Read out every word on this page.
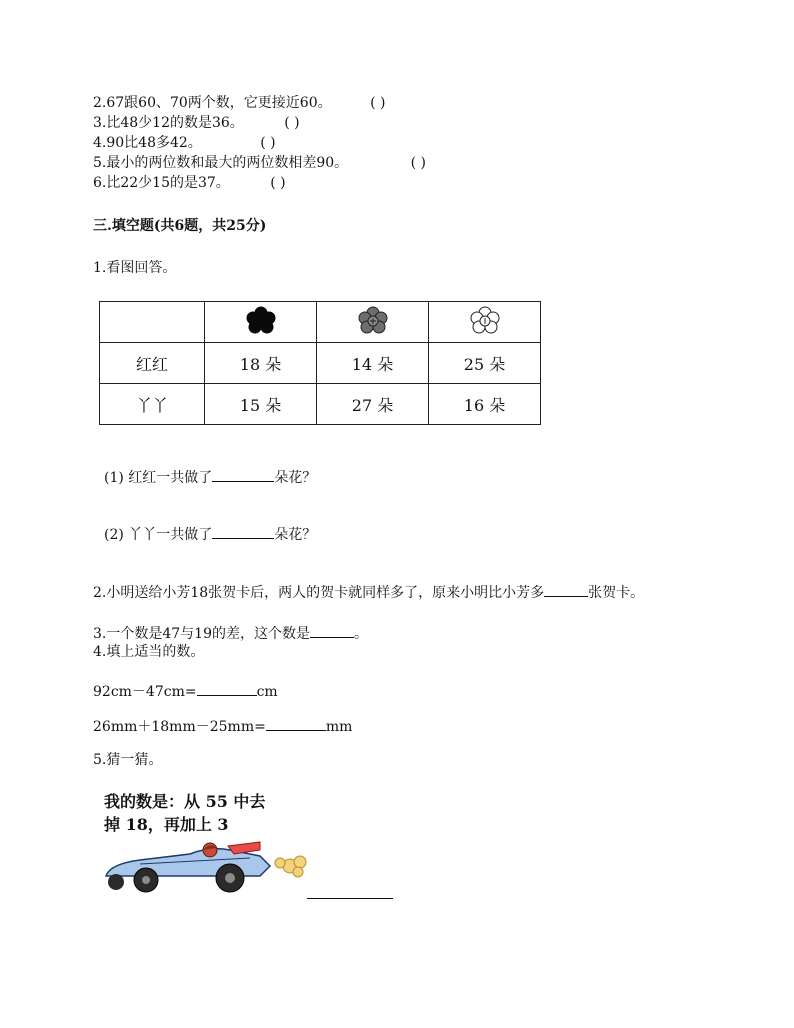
2.67跟60、70两个数，它更接近60。	( )
3.比48少12的数是36。	( )
4.90比48多42。	( )
5.最小的两位数和最大的两位数相差90。	( )
6.比22少15的是37。	( )
三.填空题(共6题，共25分)
1.看图回答。

红红	18 朵	14 朵	25 朵
丫丫	15 朵	27 朵	16 朵
(1) 红红一共做了	朵花？
(2) 丫丫一共做了	朵花？
2.小明送给小芳18张贺卡后，两人的贺卡就同样多了，原来小明比小芳多	张贺卡。
3.一个数是47与19的差，这个数是	。
4.填上适当的数。
92cm－47cm=	cm
26mm＋18mm－25mm=	mm
5.猜一猜。
我的数是：从 55 中去
掉 18，再加上 3
